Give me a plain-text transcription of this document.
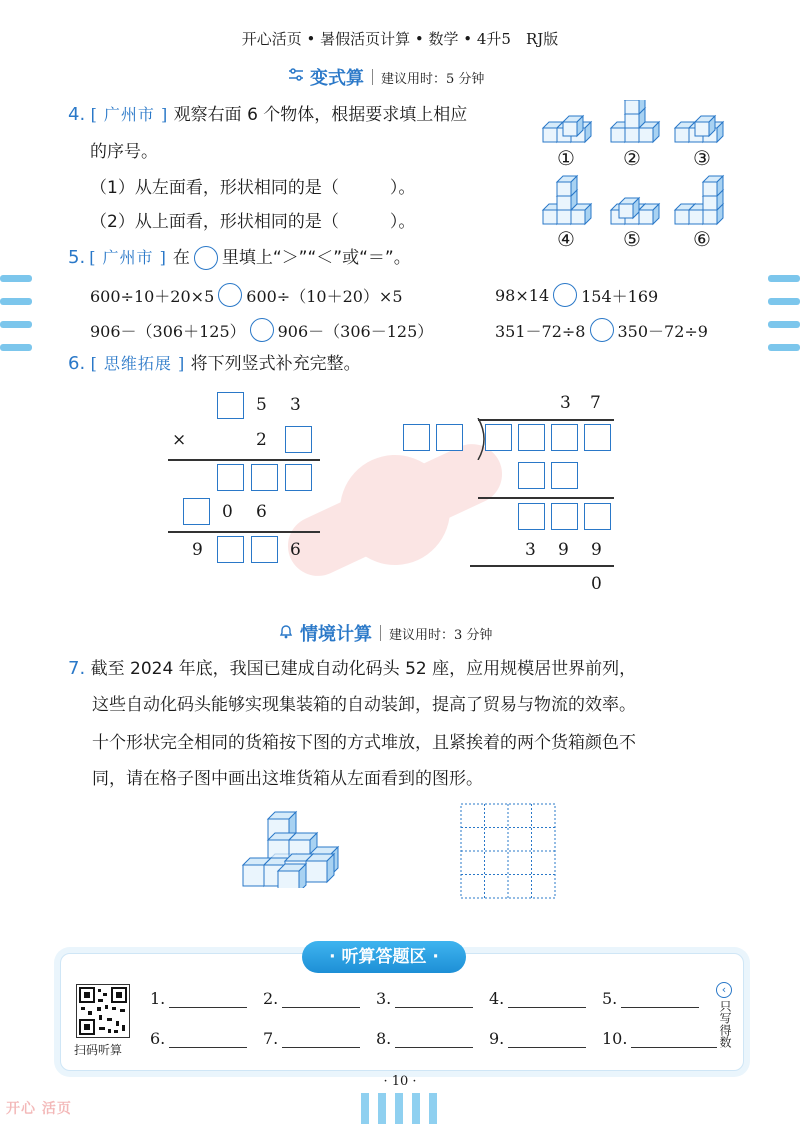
开心活页 • 暑假活页计算 • 数学 • 4升5　RJ版
变式算 建议用时：5 分钟
4. [ 广州市 ] 观察右面 6 个物体，根据要求填上相应
的序号。
（1）从左面看，形状相同的是（　　　）。
（2）从上面看，形状相同的是（　　　）。
① ②	③
④ ⑤	⑥
5. [ 广州市 ] 在 里填上“＞”“＜”或“＝”。
600÷10＋20×5 600÷（10＋20）×5	98×14 154＋169
906－（306＋125） 906－（306－125）	351－72÷8 350－72÷9
6. [ 思维拓展 ] 将下列竖式补充完整。
5 3
×	2
0 6
9	6
3 7
3 9 9
0
情境计算 建议用时：3 分钟
7. 截至 2024 年底，我国已建成自动化码头 52 座，应用规模居世界前列，
这些自动化码头能够实现集装箱的自动装卸，提高了贸易与物流的效率。
十个形状完全相同的货箱按下图的方式堆放，且紧挨着的两个货箱颜色不
同，请在格子图中画出这堆货箱从左面看到的图形。
· 听算答题区 ·
扫码听算
1.	2.	3.	4.	5.
6.	7.	8.	9.	10.
‹
只写得数
· 10 ·
开心 活页
